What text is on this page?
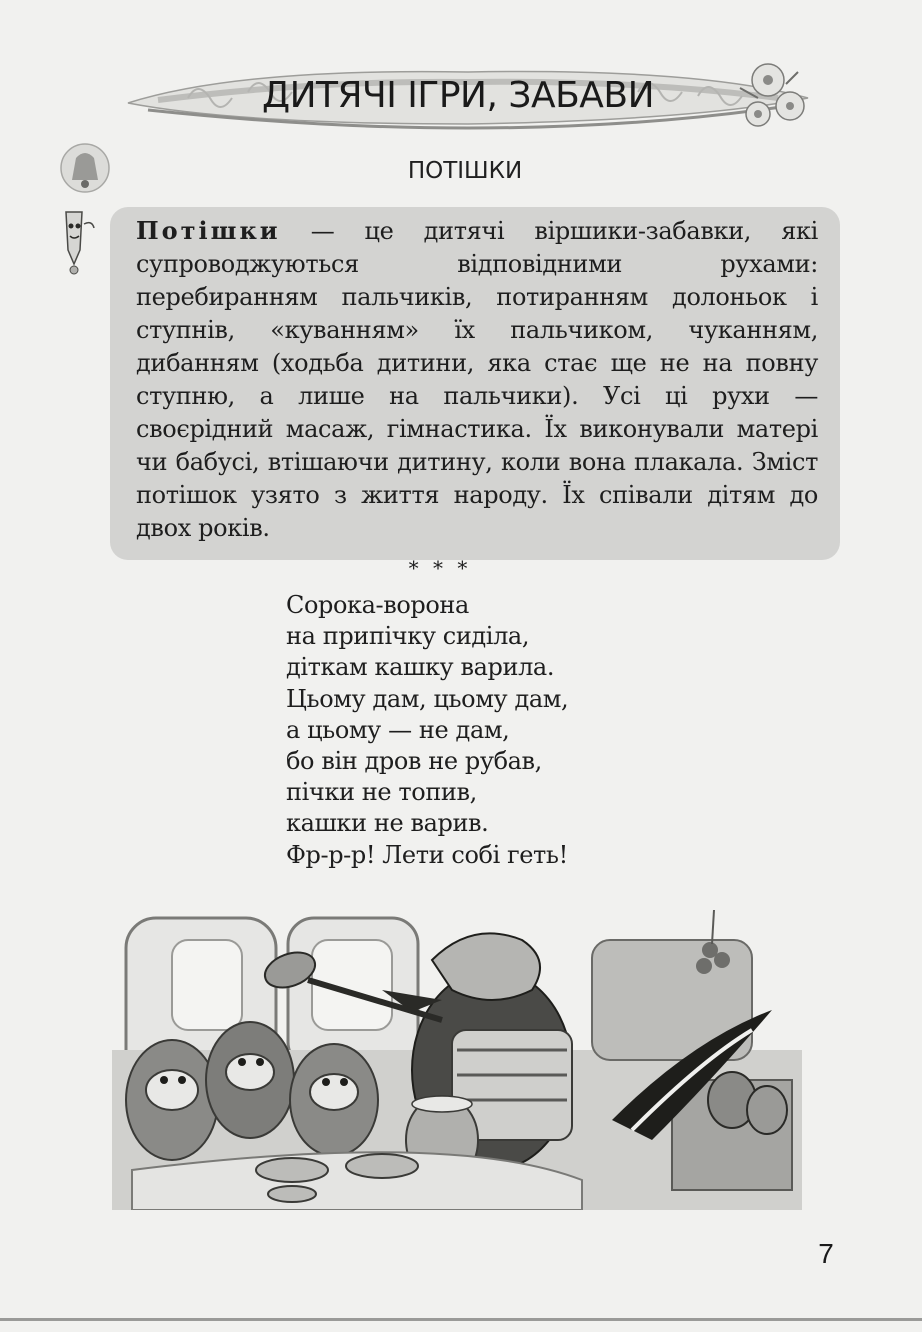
ДИТЯЧІ ІГРИ, ЗАБАВИ
ПОТІШКИ

Потішки — це дитячі віршики-забавки, які супроводжуються відповідними рухами: перебиранням пальчиків, потиранням долоньок і ступнів, «куванням» їх пальчиком, чуканням, дибанням (ходьба дитини, яка стає ще не на повну ступню, а лише на пальчики). Усі ці рухи — своєрідний масаж, гімнастика. Їх виконували матері чи бабусі, втішаючи дитину, коли вона плакала. Зміст потішок узято з життя народу. Їх співали дітям до двох років.

* * *
Сорока-ворона
на припічку сиділа,
діткам кашку варила.
Цьому дам, цьому дам,
а цьому — не дам,
бо він дров не рубав,
пічки не топив,
кашки не варив.
Фр-р-р! Лети собі геть!
7
